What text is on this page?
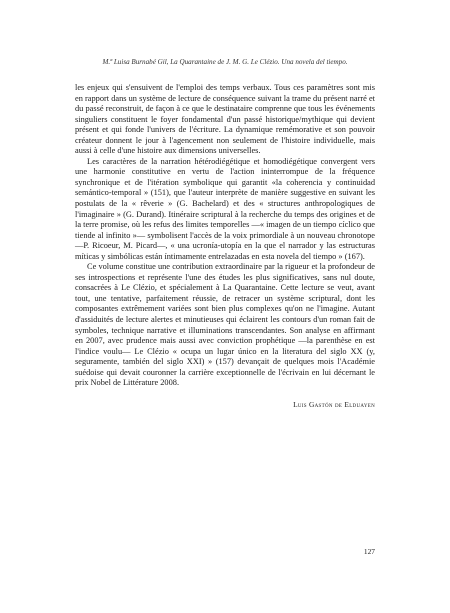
M.ª Luisa Burnabé Gil, La Quarantaine de J. M. G. Le Clézio. Una novela del tiempo.

les enjeux qui s'ensuivent de l'emploi des temps verbaux. Tous ces paramètres sont mis en rapport dans un système de lecture de conséquence suivant la trame du présent narré et du passé reconstruit, de façon à ce que le destinataire comprenne que tous les événements singuliers constituent le foyer fondamental d'un passé historique/mythique qui devient présent et qui fonde l'univers de l'écriture. La dynamique remémorative et son pouvoir créateur donnent le jour à l'agencement non seulement de l'histoire individuelle, mais aussi à celle d'une histoire aux dimensions universelles.

Les caractères de la narration hétérodiégétique et homodiégétique convergent vers une harmonie constitutive en vertu de l'action ininterrompue de la fréquence synchronique et de l'itération symbolique qui garantit «la coherencia y continuidad semántico-temporal » (151), que l'auteur interprète de manière suggestive en suivant les postulats de la « rêverie » (G. Bachelard) et des « structures anthropologiques de l'imaginaire » (G. Durand). Itinéraire scriptural à la recherche du temps des origines et de la terre promise, où les refus des limites temporelles —« imagen de un tiempo cíclico que tiende al infinito »— symbolisent l'accès de la voix primordiale à un nouveau chronotope —P. Ricoeur, M. Picard—, « una ucronía-utopía en la que el narrador y las estructuras míticas y simbólicas están íntimamente entrelazadas en esta novela del tiempo » (167).

Ce volume constitue une contribution extraordinaire par la rigueur et la profondeur de ses introspections et représente l'une des études les plus significatives, sans nul doute, consacrées à Le Clézio, et spécialement à La Quarantaine. Cette lecture se veut, avant tout, une tentative, parfaitement réussie, de retracer un système scriptural, dont les composantes extrêmement variées sont bien plus complexes qu'on ne l'imagine. Autant d'assiduités de lecture alertes et minutieuses qui éclairent les contours d'un roman fait de symboles, technique narrative et illuminations transcendantes. Son analyse en affirmant en 2007, avec prudence mais aussi avec conviction prophétique —la parenthèse en est l'indice voulu— Le Clézio « ocupa un lugar único en la literatura del siglo XX (y, seguramente, también del siglo XXI) » (157) devançait de quelques mois l'Académie suédoise qui devait couronner la carrière exceptionnelle de l'écrivain en lui décernant le prix Nobel de Littérature 2008.

Luis Gastón de Elduayen
127
